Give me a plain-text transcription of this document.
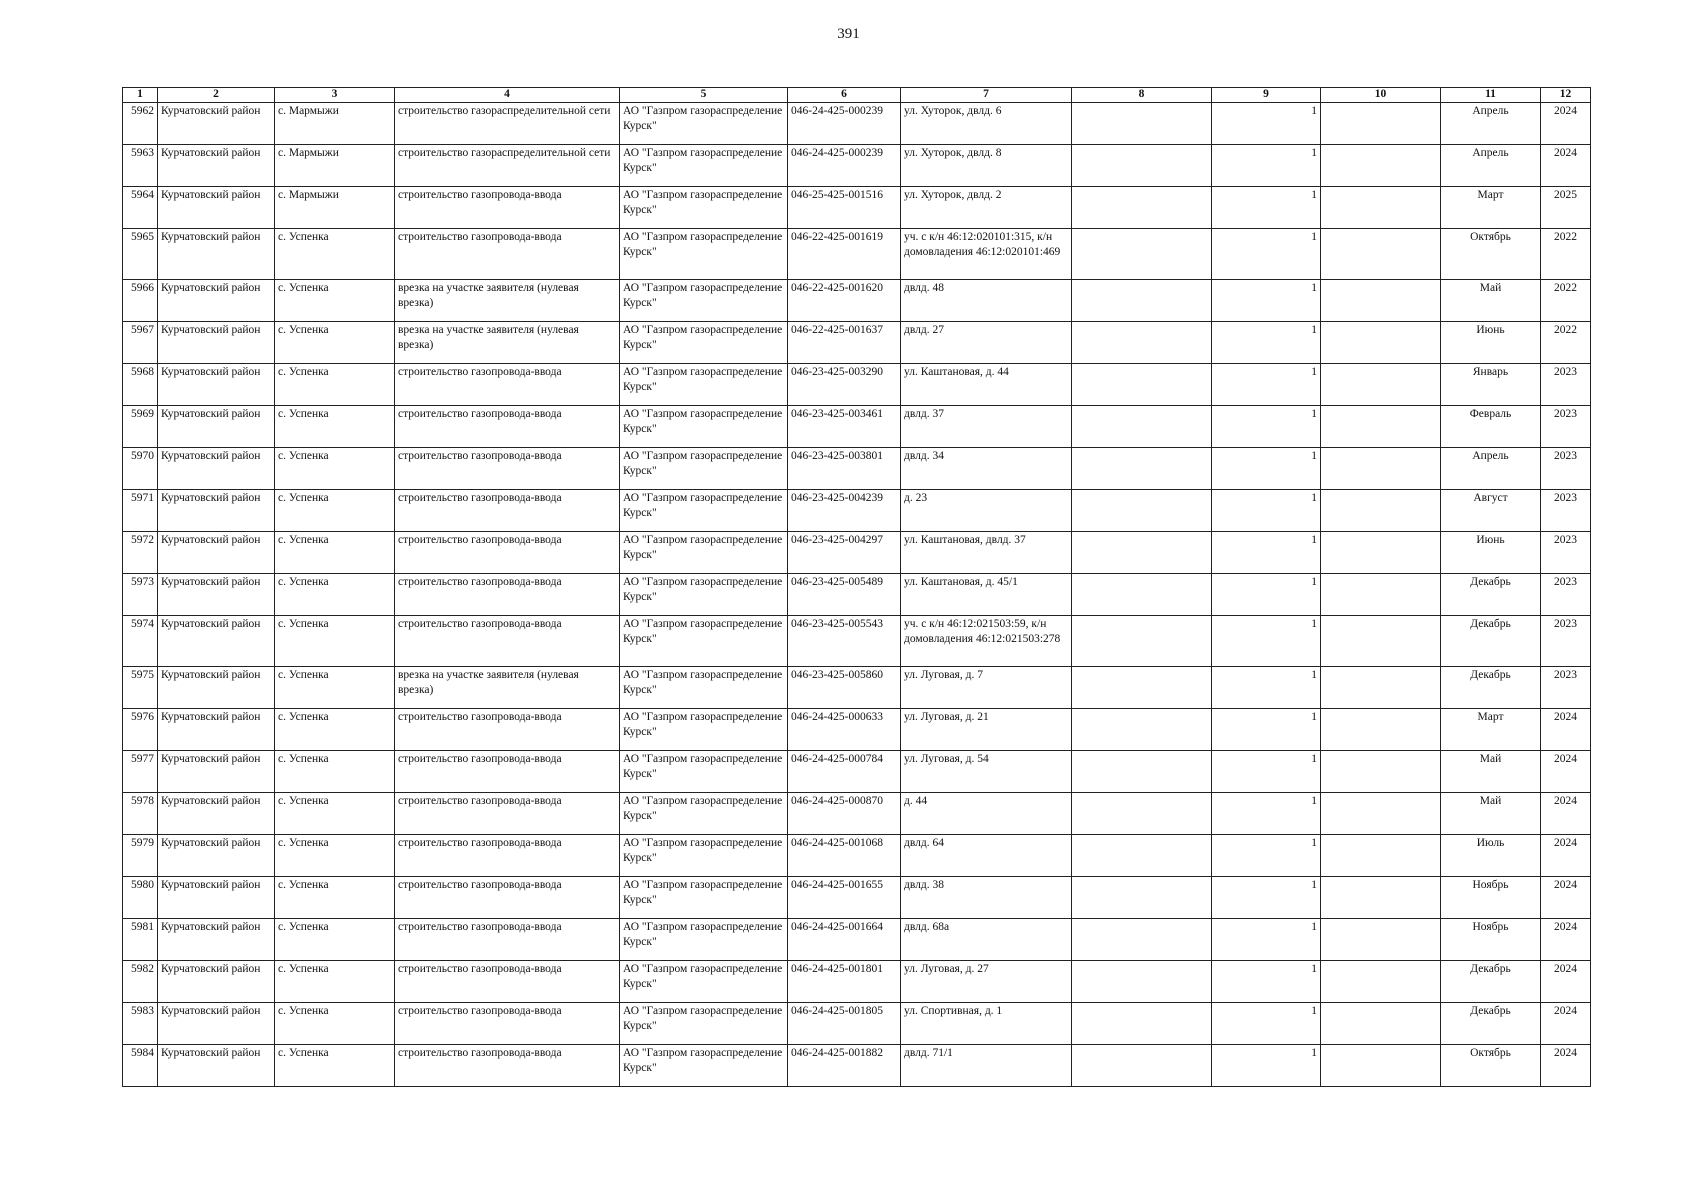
391
1	2	3	4	5	6	7	8	9	10	11	12
5962	Курчатовский район	с. Мармыжи	строительство газораспределительной сети	АО "Газпром газораспределение Курск"	046-24-425-000239	ул. Хуторок, двлд. 6		1		Апрель	2024
5963	Курчатовский район	с. Мармыжи	строительство газораспределительной сети	АО "Газпром газораспределение Курск"	046-24-425-000239	ул. Хуторок, двлд. 8		1		Апрель	2024
5964	Курчатовский район	с. Мармыжи	строительство газопровода-ввода	АО "Газпром газораспределение Курск"	046-25-425-001516	ул. Хуторок, двлд. 2		1		Март	2025
5965	Курчатовский район	с. Успенка	строительство газопровода-ввода	АО "Газпром газораспределение Курск"	046-22-425-001619	уч. с к/н 46:12:020101:315, к/н домовладения 46:12:020101:469		1		Октябрь	2022
5966	Курчатовский район	с. Успенка	врезка на участке заявителя (нулевая врезка)	АО "Газпром газораспределение Курск"	046-22-425-001620	двлд. 48		1		Май	2022
5967	Курчатовский район	с. Успенка	врезка на участке заявителя (нулевая врезка)	АО "Газпром газораспределение Курск"	046-22-425-001637	двлд. 27		1		Июнь	2022
5968	Курчатовский район	с. Успенка	строительство газопровода-ввода	АО "Газпром газораспределение Курск"	046-23-425-003290	ул. Каштановая, д. 44		1		Январь	2023
5969	Курчатовский район	с. Успенка	строительство газопровода-ввода	АО "Газпром газораспределение Курск"	046-23-425-003461	двлд. 37		1		Февраль	2023
5970	Курчатовский район	с. Успенка	строительство газопровода-ввода	АО "Газпром газораспределение Курск"	046-23-425-003801	двлд. 34		1		Апрель	2023
5971	Курчатовский район	с. Успенка	строительство газопровода-ввода	АО "Газпром газораспределение Курск"	046-23-425-004239	д. 23		1		Август	2023
5972	Курчатовский район	с. Успенка	строительство газопровода-ввода	АО "Газпром газораспределение Курск"	046-23-425-004297	ул. Каштановая, двлд. 37		1		Июнь	2023
5973	Курчатовский район	с. Успенка	строительство газопровода-ввода	АО "Газпром газораспределение Курск"	046-23-425-005489	ул. Каштановая, д. 45/1		1		Декабрь	2023
5974	Курчатовский район	с. Успенка	строительство газопровода-ввода	АО "Газпром газораспределение Курск"	046-23-425-005543	уч. с к/н 46:12:021503:59, к/н домовладения 46:12:021503:278		1		Декабрь	2023
5975	Курчатовский район	с. Успенка	врезка на участке заявителя (нулевая врезка)	АО "Газпром газораспределение Курск"	046-23-425-005860	ул. Луговая, д. 7		1		Декабрь	2023
5976	Курчатовский район	с. Успенка	строительство газопровода-ввода	АО "Газпром газораспределение Курск"	046-24-425-000633	ул. Луговая, д. 21		1		Март	2024
5977	Курчатовский район	с. Успенка	строительство газопровода-ввода	АО "Газпром газораспределение Курск"	046-24-425-000784	ул. Луговая, д. 54		1		Май	2024
5978	Курчатовский район	с. Успенка	строительство газопровода-ввода	АО "Газпром газораспределение Курск"	046-24-425-000870	д. 44		1		Май	2024
5979	Курчатовский район	с. Успенка	строительство газопровода-ввода	АО "Газпром газораспределение Курск"	046-24-425-001068	двлд. 64		1		Июль	2024
5980	Курчатовский район	с. Успенка	строительство газопровода-ввода	АО "Газпром газораспределение Курск"	046-24-425-001655	двлд. 38		1		Ноябрь	2024
5981	Курчатовский район	с. Успенка	строительство газопровода-ввода	АО "Газпром газораспределение Курск"	046-24-425-001664	двлд. 68а		1		Ноябрь	2024
5982	Курчатовский район	с. Успенка	строительство газопровода-ввода	АО "Газпром газораспределение Курск"	046-24-425-001801	ул. Луговая, д. 27		1		Декабрь	2024
5983	Курчатовский район	с. Успенка	строительство газопровода-ввода	АО "Газпром газораспределение Курск"	046-24-425-001805	ул. Спортивная, д. 1		1		Декабрь	2024
5984	Курчатовский район	с. Успенка	строительство газопровода-ввода	АО "Газпром газораспределение Курск"	046-24-425-001882	двлд. 71/1		1		Октябрь	2024
